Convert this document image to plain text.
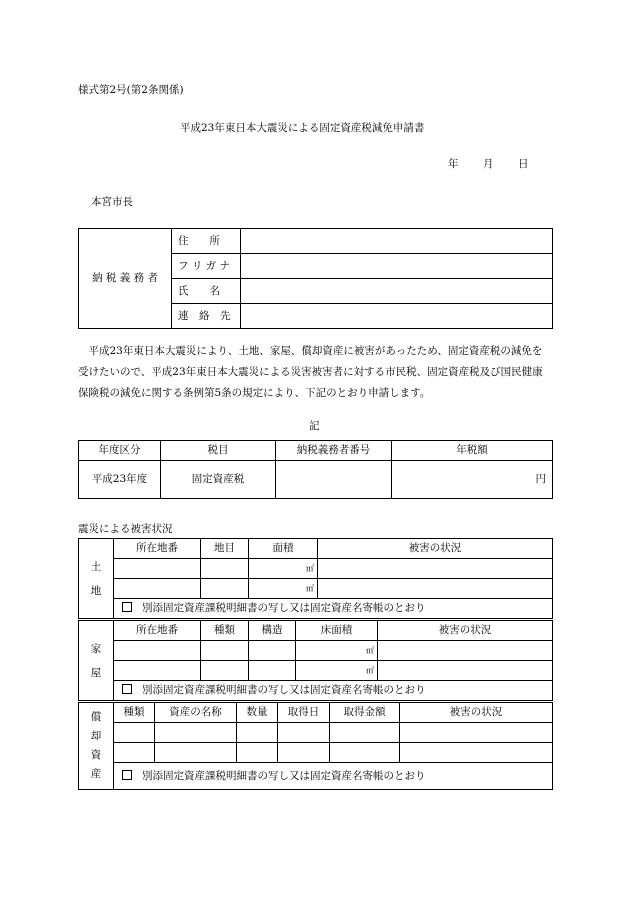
様式第2号(第2条関係)
平成23年東日本大震災による固定資産税減免申請書
年 月 日
本宮市長
納 税 義 務 者	住　　所	
	フ リ ガ ナ	
	氏　　名	
	連　絡　先	
平成23年東日本大震災により、土地、家屋、償却資産に被害があったため、固定資産税の減免を受けたいので、平成23年東日本大震災による災害被害者に対する市民税、固定資産税及び国民健康保険税の減免に関する条例第5条の規定により、下記のとおり申請します。
記
年度区分	税目	納税義務者番号	年税額
平成23年度	固定資産税		円
震災による被害状況
土
地	所在地番	地目	面積	被害の状況
			㎡	
			㎡	
	別添固定資産課税明細書の写し又は固定資産名寄帳のとおり			
家
屋	所在地番	種類	構造	床面積	被害の状況
				㎡	
				㎡	
	別添固定資産課税明細書の写し又は固定資産名寄帳のとおり				
償
却
資
産	種類	資産の名称	数量	取得日	取得金額	被害の状況

	別添固定資産課税明細書の写し又は固定資産名寄帳のとおり					
